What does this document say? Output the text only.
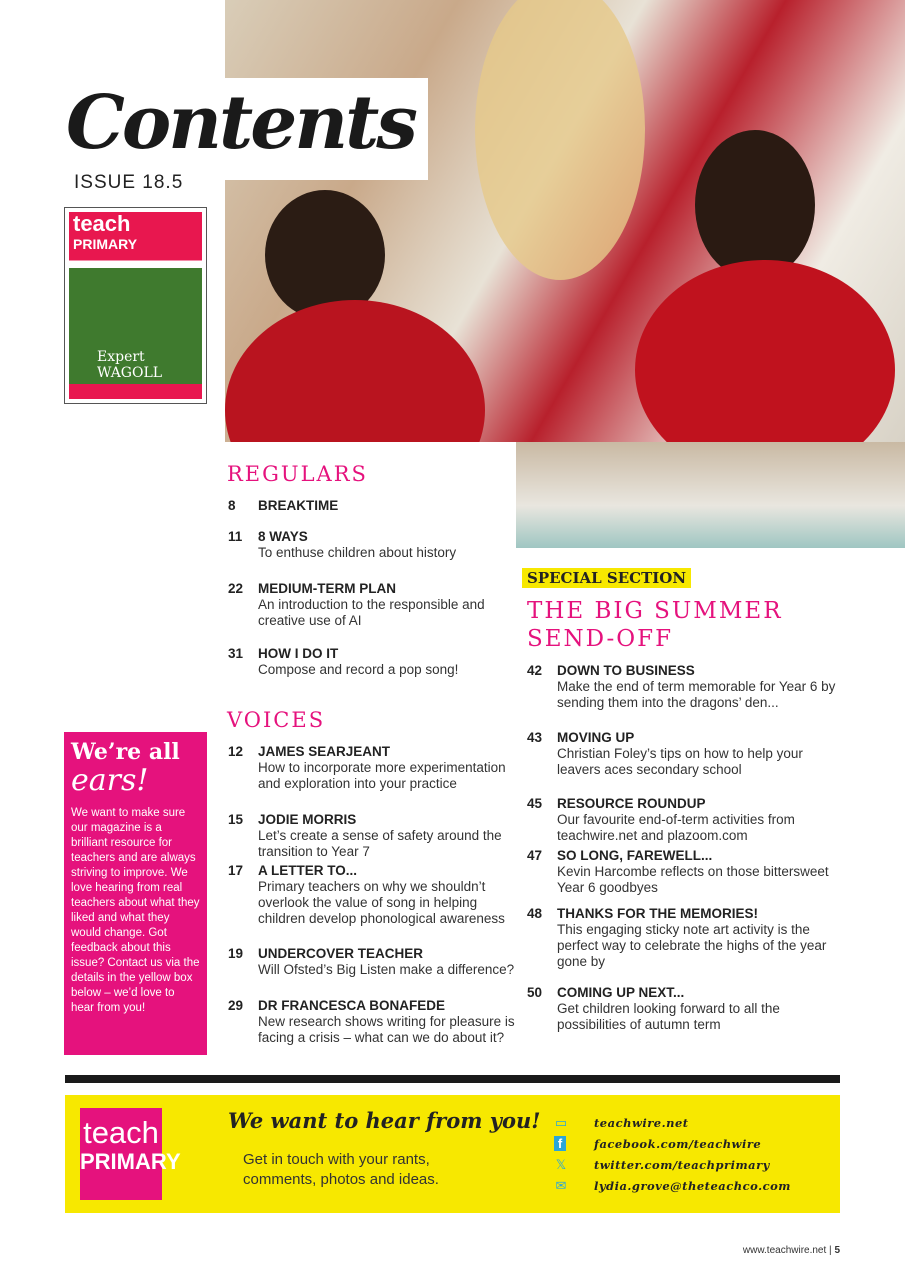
Contents
ISSUE 18.5
teach
PRIMARY
Expert WAGOLL
REGULARS
VOICES
SPECIAL SECTION
THE BIG SUMMER
SEND-OFF
We’re all
ears!

We want to make sure our magazine is a brilliant resource for teachers and are always striving to improve. We love hearing from real teachers about what they liked and what they would change. Got feedback about this issue? Contact us via the details in the yellow box below – we’d love to hear from you!

teach
PRIMARY
We want to hear from you!
Get in touch with your rants, comments, photos and ideas.
▭ teachwire.net
f	facebook.com/teachwire
𝕏 twitter.com/teachprimary
✉ lydia.grove@theteachco.com
www.teachwire.net | 5
8	BREAKTIME
11	8 WAYS
To enthuse children about history
22	MEDIUM-TERM PLAN
An introduction to the responsible and creative use of AI
31	HOW I DO IT
Compose and record a pop song!
12	JAMES SEARJEANT
How to incorporate more experimentation and exploration into your practice
15	JODIE MORRIS
Let’s create a sense of safety around the transition to Year 7
17	A LETTER TO...
Primary teachers on why we shouldn’t overlook the value of song in helping children develop phonological awareness
19	UNDERCOVER TEACHER
Will Ofsted’s Big Listen make a difference?
29	DR FRANCESCA BONAFEDE
New research shows writing for pleasure is facing a crisis – what can we do about it?
42	DOWN TO BUSINESS
Make the end of term memorable for Year 6 by sending them into the dragons’ den...
43	MOVING UP
Christian Foley’s tips on how to help your leavers aces secondary school
45	RESOURCE ROUNDUP
Our favourite end-of-term activities from teachwire.net and plazoom.com
47	SO LONG, FAREWELL...
Kevin Harcombe reflects on those bittersweet Year 6 goodbyes
48	THANKS FOR THE MEMORIES!
This engaging sticky note art activity is the perfect way to celebrate the highs of the year gone by
50	COMING UP NEXT...
Get children looking forward to all the possibilities of autumn term
